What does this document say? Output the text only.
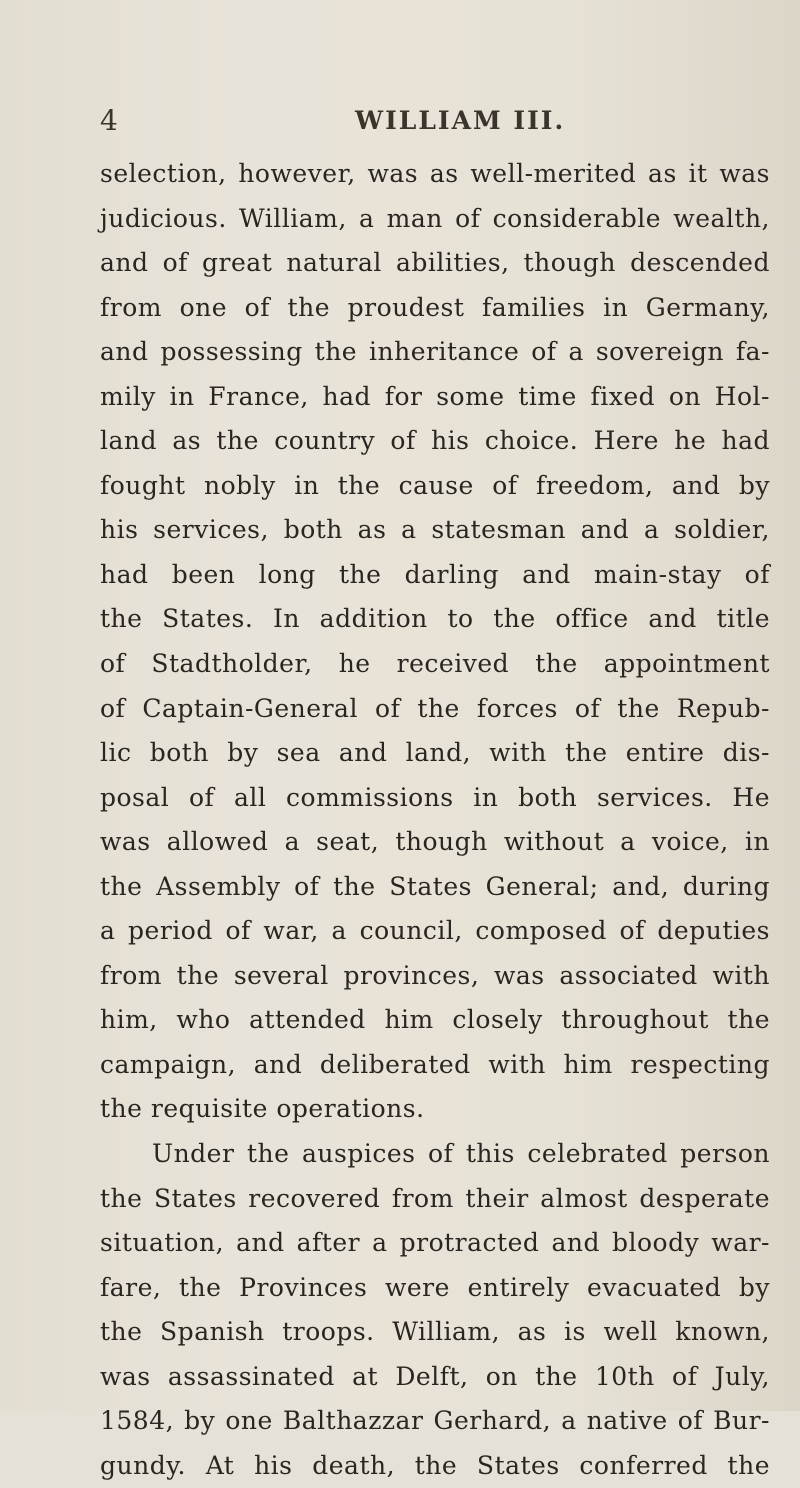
4	WILLIAM III.
selection, however, was as well-merited as it was
judicious. William, a man of considerable wealth,
and of great natural abilities, though descended
from one of the proudest families in Germany,
and possessing the inheritance of a sovereign fa-
mily in France, had for some time fixed on Hol-
land as the country of his choice. Here he had
fought nobly in the cause of freedom, and by
his services, both as a statesman and a soldier,
had been long the darling and main-stay of
the States. In addition to the office and title
of Stadtholder, he received the appointment
of Captain-General of the forces of the Repub-
lic both by sea and land, with the entire dis-
posal of all commissions in both services. He
was allowed a seat, though without a voice, in
the Assembly of the States General; and, during
a period of war, a council, composed of deputies
from the several provinces, was associated with
him, who attended him closely throughout the
campaign, and deliberated with him respecting
the requisite operations.
Under the auspices of this celebrated person
the States recovered from their almost desperate
situation, and after a protracted and bloody war-
fare, the Provinces were entirely evacuated by
the Spanish troops. William, as is well known,
was assassinated at Delft, on the 10th of July,
1584, by one Balthazzar Gerhard, a native of Bur-
gundy. At his death, the States conferred the
